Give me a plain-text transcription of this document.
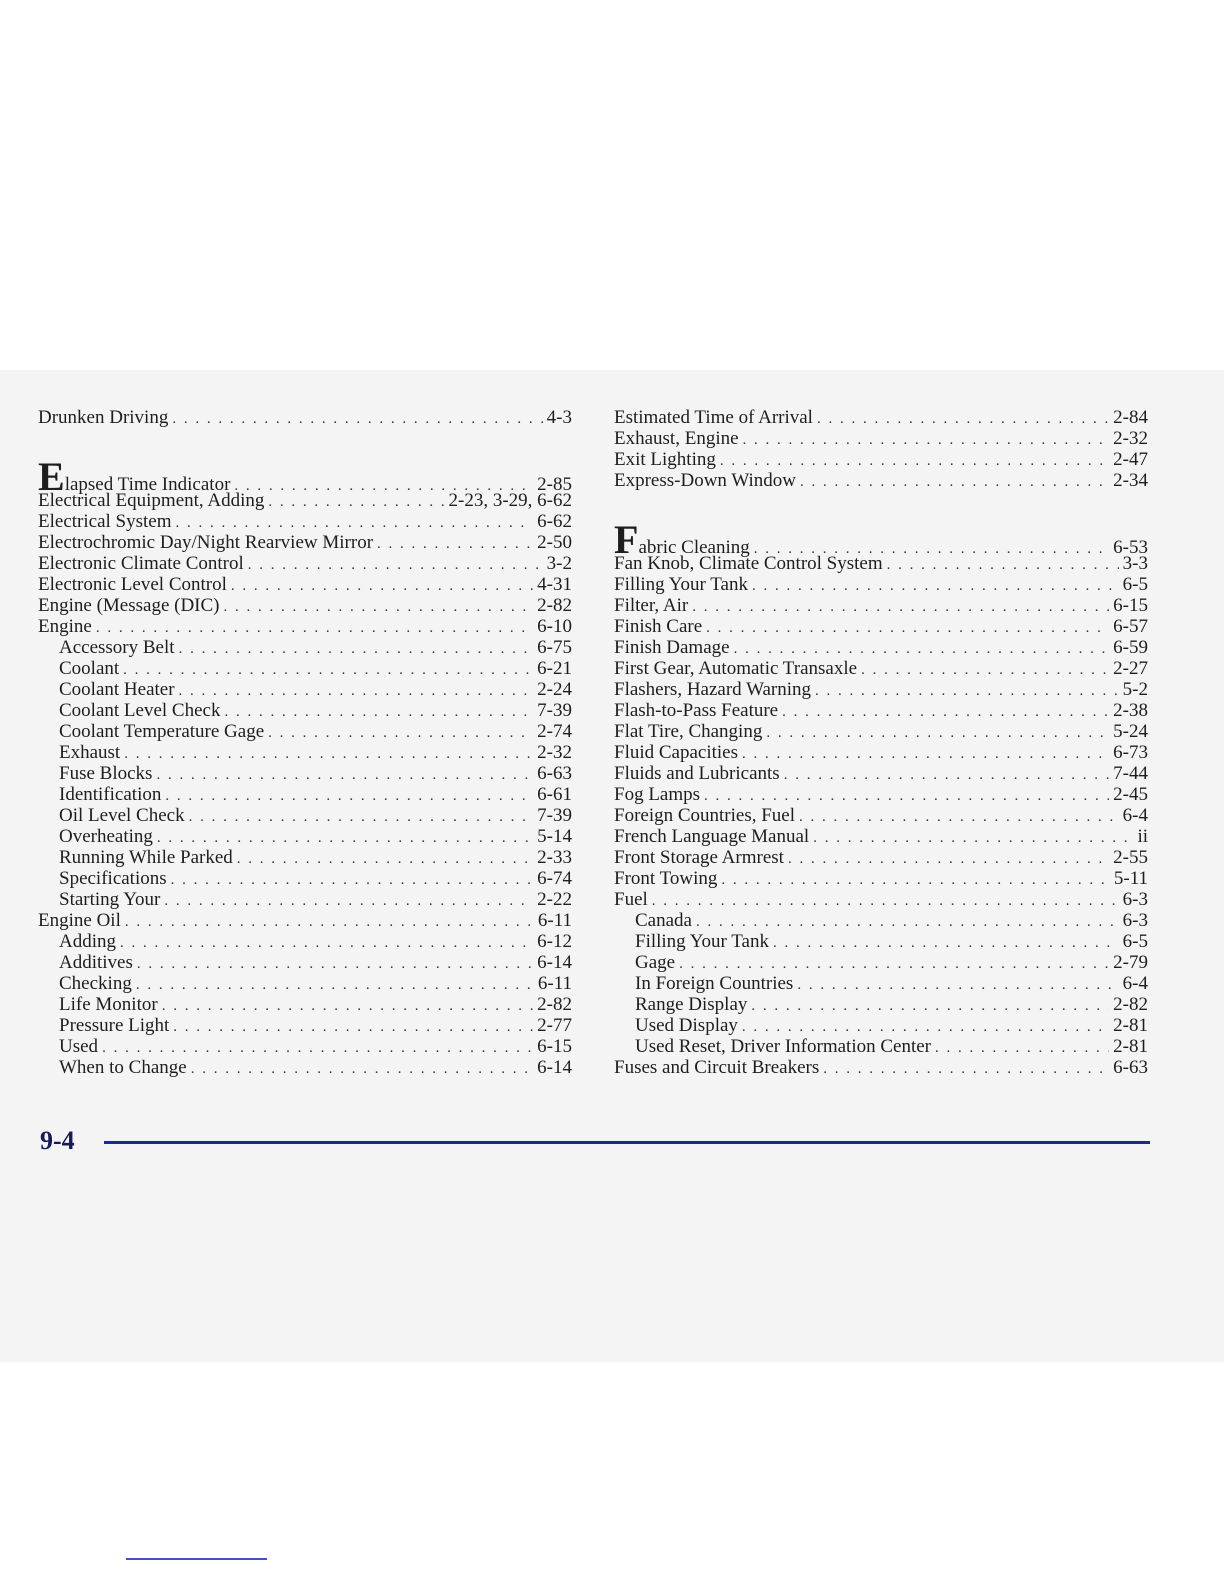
Drunken Driving . . .	4-3
Elapsed Time Indicator . . .	2-85
Electrical Equipment, Adding . . .	2-23, 3-29, 6-62
Electrical System . . .	6-62
Electrochromic Day/Night Rearview Mirror . . .	2-50
Electronic Climate Control . . .	3-2
Electronic Level Control . . .	4-31
Engine (Message (DIC) . . .	2-82
Engine . . .	6-10
Accessory Belt . . .	6-75
Coolant . . .	6-21
Coolant Heater . . .	2-24
Coolant Level Check . . .	7-39
Coolant Temperature Gage . . .	2-74
Exhaust . . .	2-32
Fuse Blocks . . .	6-63
Identification . . .	6-61
Oil Level Check . . .	7-39
Overheating . . .	5-14
Running While Parked . . .	2-33
Specifications . . .	6-74
Starting Your . . .	2-22
Engine Oil . . .	6-11
Adding . . .	6-12
Additives . . .	6-14
Checking . . .	6-11
Life Monitor . . .	2-82
Pressure Light . . .	2-77
Used . . .	6-15
When to Change . . .	6-14
Estimated Time of Arrival . . .	2-84
Exhaust, Engine . . .	2-32
Exit Lighting . . .	2-47
Express-Down Window . . .	2-34
Fabric Cleaning . . .	6-53
Fan Knob, Climate Control System . . .	3-3
Filling Your Tank . . .	6-5
Filter, Air . . .	6-15
Finish Care . . .	6-57
Finish Damage . . .	6-59
First Gear, Automatic Transaxle . . .	2-27
Flashers, Hazard Warning . . .	5-2
Flash-to-Pass Feature . . .	2-38
Flat Tire, Changing . . .	5-24
Fluid Capacities . . .	6-73
Fluids and Lubricants . . .	7-44
Fog Lamps . . .	2-45
Foreign Countries, Fuel . . .	6-4
French Language Manual . . .	ii
Front Storage Armrest . . .	2-55
Front Towing . . .	5-11
Fuel . . .	6-3
Canada . . .	6-3
Filling Your Tank . . .	6-5
Gage . . .	2-79
In Foreign Countries . . .	6-4
Range Display . . .	2-82
Used Display . . .	2-81
Used Reset, Driver Information Center . . .	2-81
Fuses and Circuit Breakers . . .	6-63
9-4
